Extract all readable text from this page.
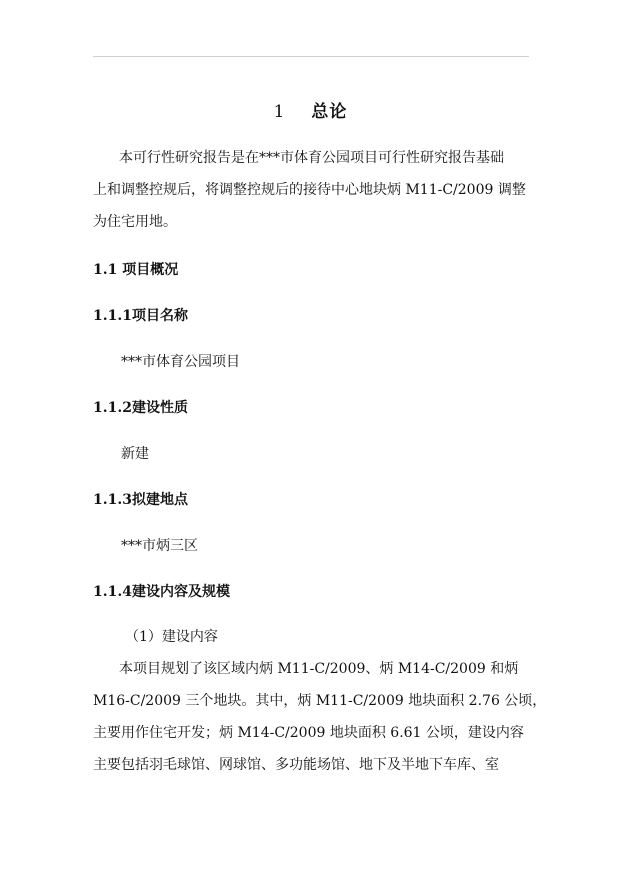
1 总论
本可行性研究报告是在***市体育公园项目可行性研究报告基础
上和调整控规后，将调整控规后的接待中心地块炳 M11-C/2009 调整
为住宅用地。
1.1 项目概况
1.1.1项目名称
***市体育公园项目
1.1.2建设性质
新建
1.1.3拟建地点
***市炳三区
1.1.4建设内容及规模
（1）建设内容
本项目规划了该区域内炳 M11-C/2009、炳 M14-C/2009 和炳
M16-C/2009 三个地块。其中，炳 M11-C/2009 地块面积 2.76 公顷，
主要用作住宅开发；炳 M14-C/2009 地块面积 6.61 公顷，建设内容
主要包括羽毛球馆、网球馆、多功能场馆、地下及半地下车库、室
